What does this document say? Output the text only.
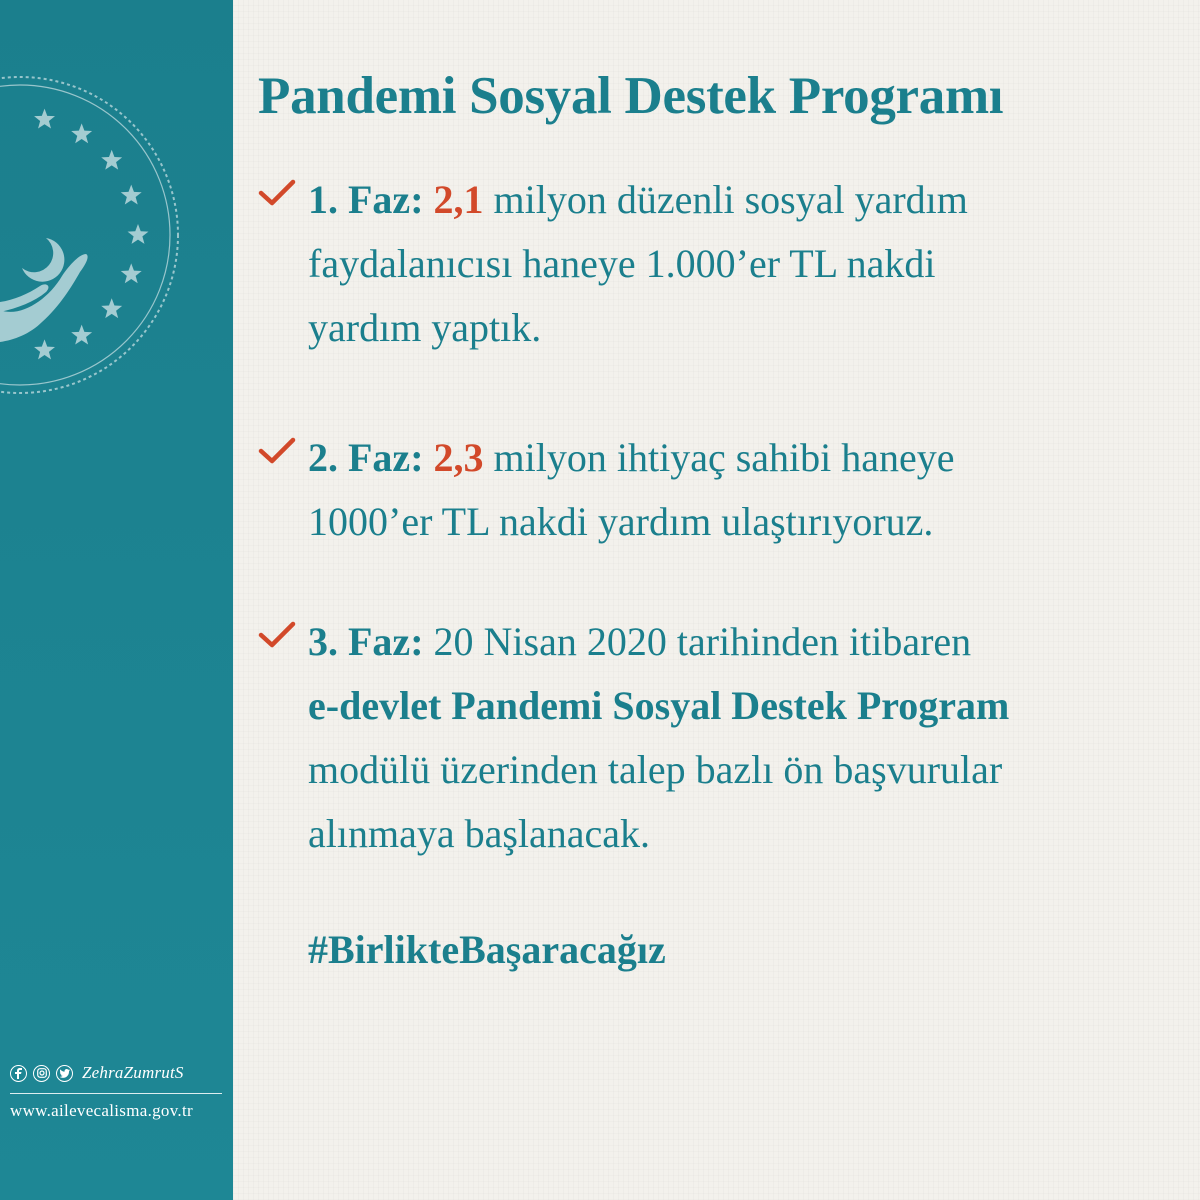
ZehraZumrutS
www.ailevecalisma.gov.tr
Pandemi Sosyal Destek Programı
1. Faz: 2,1 milyon düzenli sosyal yardım
faydalanıcısı haneye 1.000’er TL nakdi
yardım yaptık.
2. Faz: 2,3 milyon ihtiyaç sahibi haneye
1000’er TL nakdi yardım ulaştırıyoruz.
3. Faz: 20 Nisan 2020 tarihinden itibaren
e-devlet Pandemi Sosyal Destek Program
modülü üzerinden talep bazlı ön başvurular
alınmaya başlanacak.

#BirlikteBaşaracağız
